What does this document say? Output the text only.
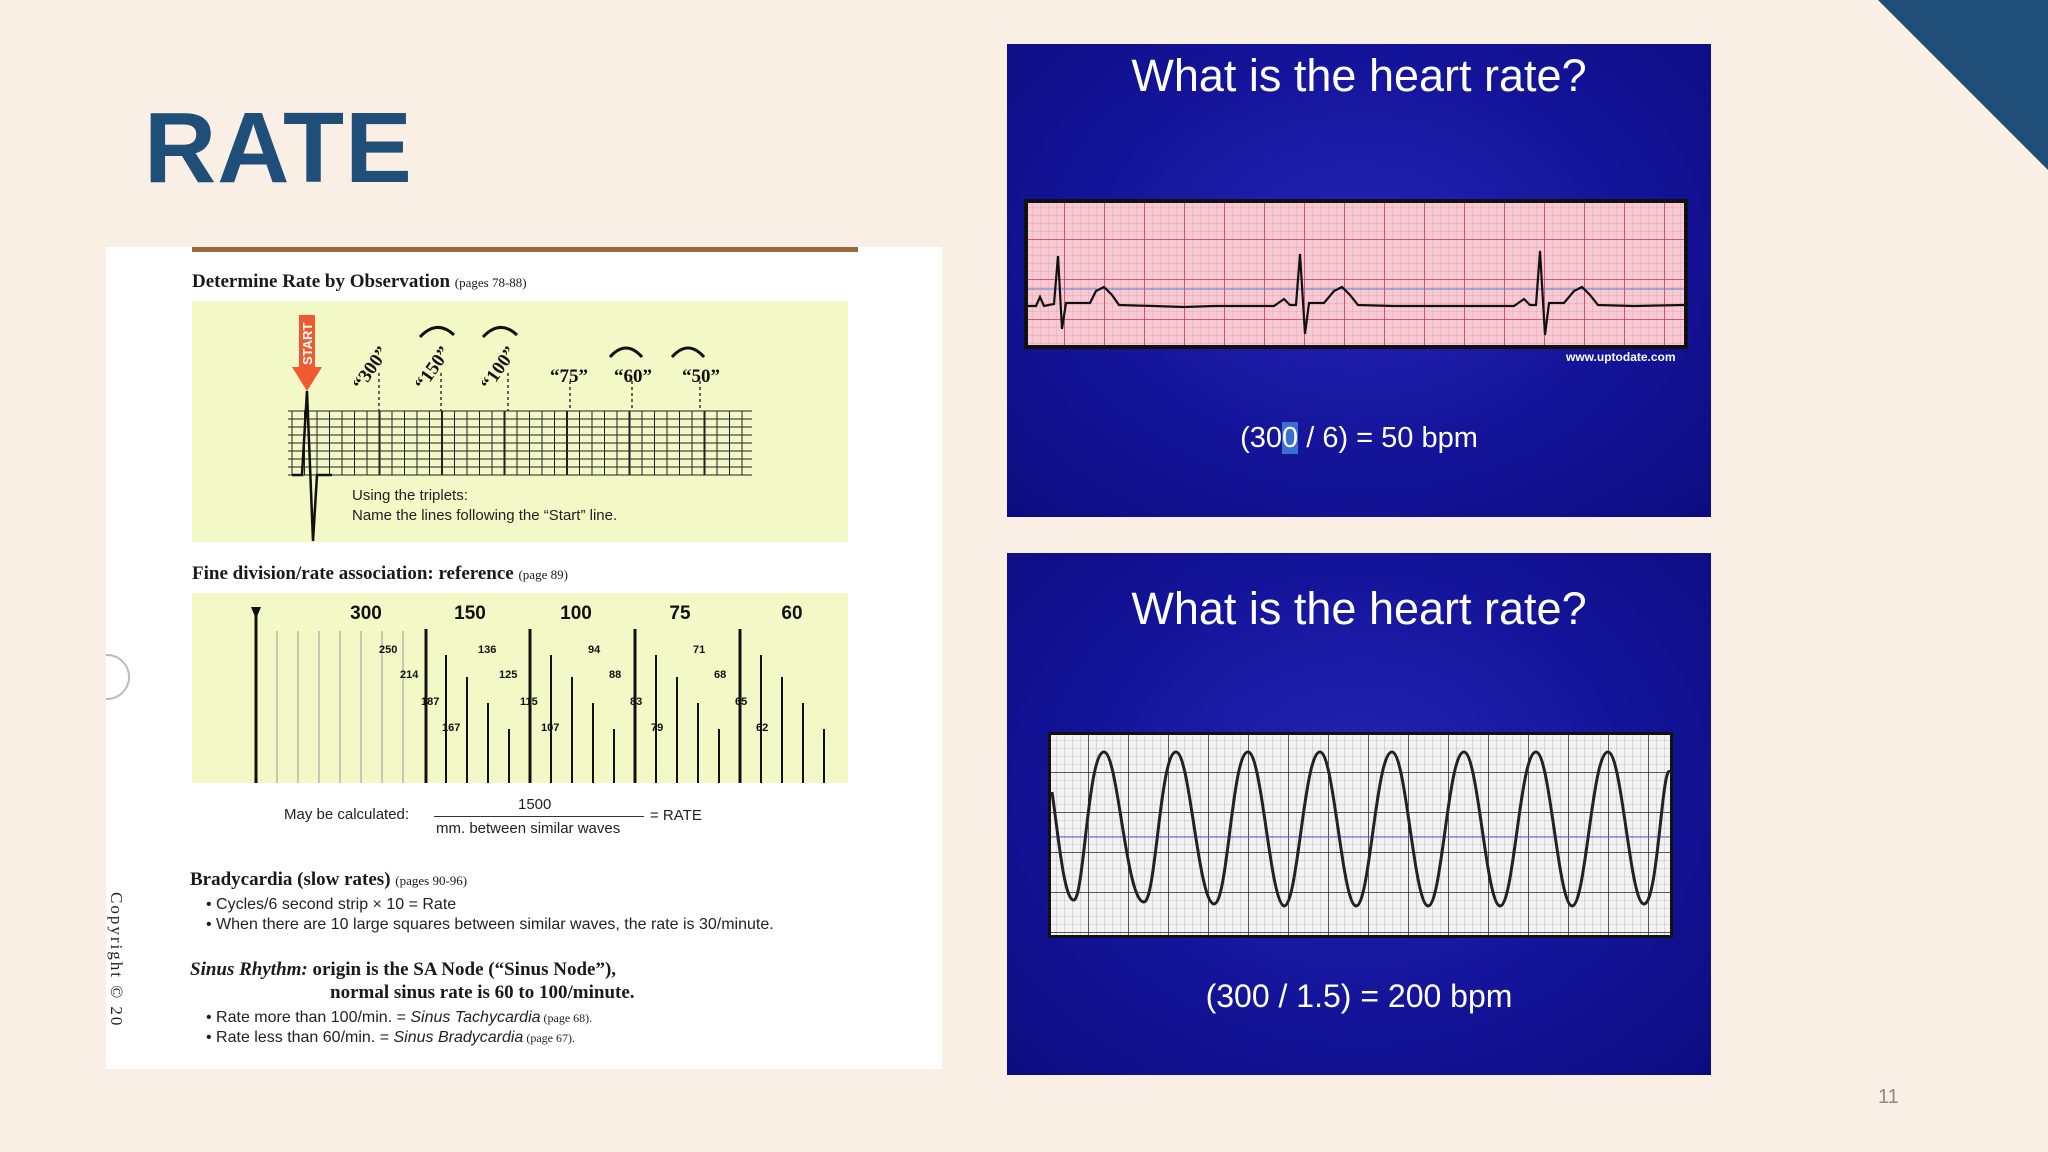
RATE
Determine Rate by Observation (pages 78-88)
START “300” “150” “100” “75” “60” “50”
Using the triplets:
Name the lines following the “Start” line.
Fine division/rate association: reference (page 89)
300	150	100	75	60
250
214
187
167
136
125
115
107
94
88
83
79
71
68
65
62
May be calculated:
1500
mm. between similar waves
= RATE
Bradycardia (slow rates) (pages 90-96)
• Cycles/6 second strip × 10 = Rate
• When there are 10 large squares between similar waves, the rate is 30/minute.
Sinus Rhythm: origin is the SA Node (“Sinus Node”),
normal sinus rate is 60 to 100/minute.
• Rate more than 100/min. = Sinus Tachycardia (page 68).
• Rate less than 60/min. = Sinus Bradycardia (page 67).
Copyright © 20
What is the heart rate?
www.uptodate.com
(300 / 6) = 50 bpm
What is the heart rate?
(300 / 1.5) = 200 bpm
11
